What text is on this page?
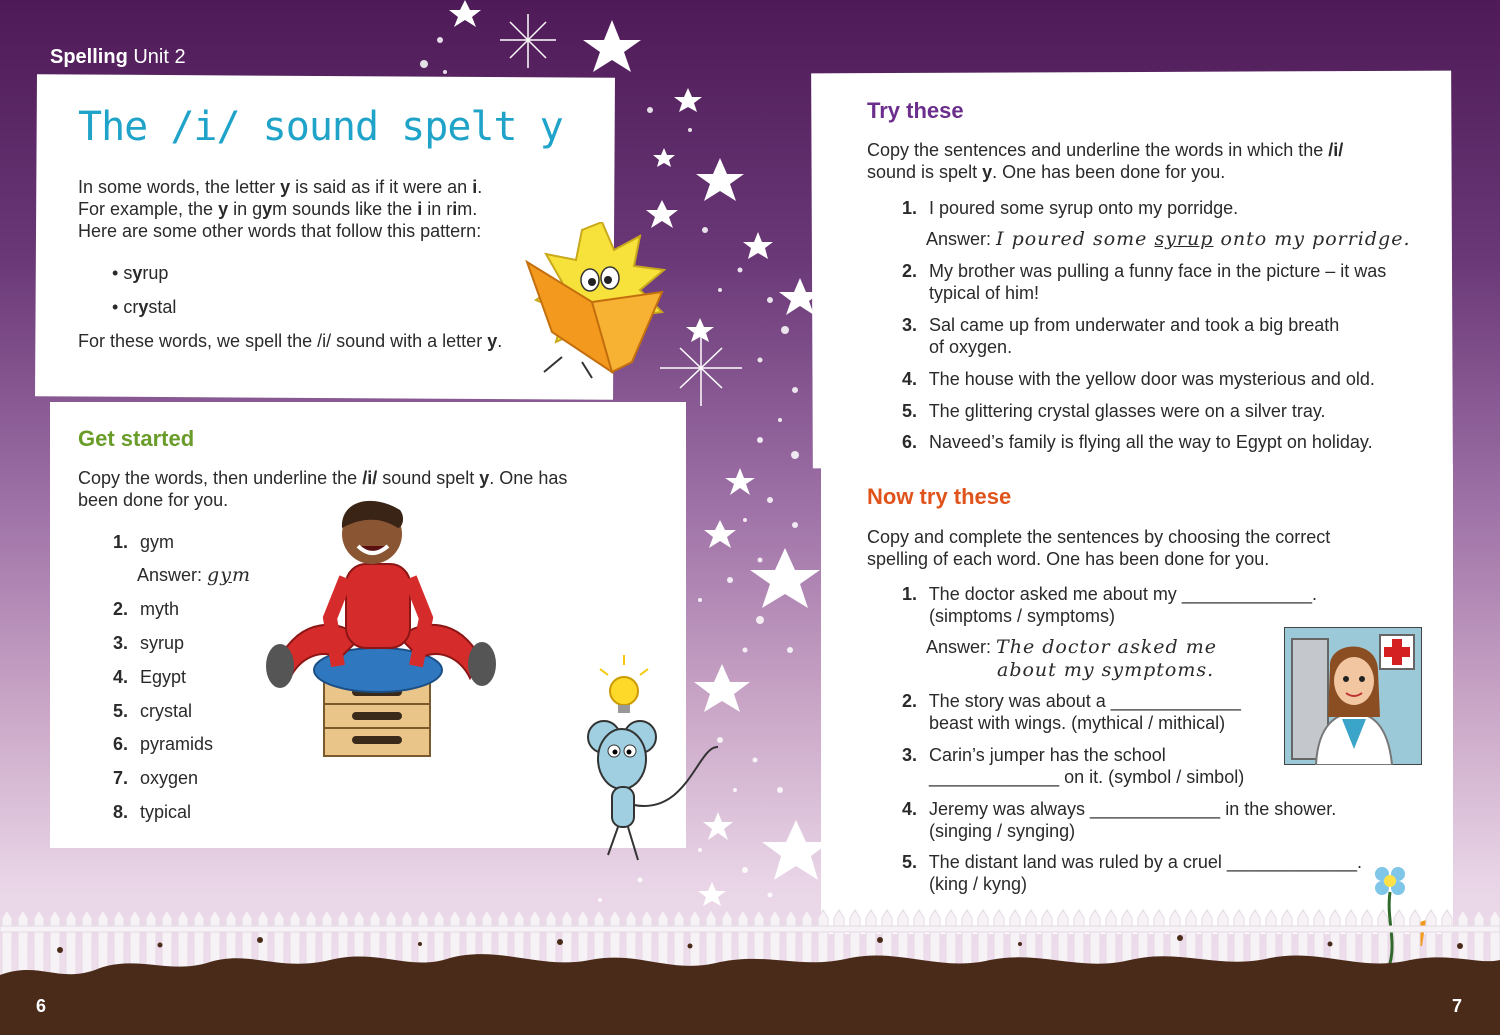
Spelling Unit 2
The /i/ sound spelt y
In some words, the letter y is said as if it were an i.
For example, the y in gym sounds like the i in rim.
Here are some other words that follow this pattern:
• syrup
• crystal
For these words, we spell the /i/ sound with a letter y.
Get started
Copy the words, then underline the /i/ sound spelt y. One has
been done for you.
1. gym
Answer: gym
2. myth
3. syrup
4. Egypt
5. crystal
6. pyramids
7. oxygen
8. typical
Try these
Copy the sentences and underline the words in which the /i/
sound is spelt y. One has been done for you.
1. I poured some syrup onto my porridge.
Answer: I poured some syrup onto my porridge.
2. My brother was pulling a funny face in the picture – it was
typical of him!
3. Sal came up from underwater and took a big breath
of oxygen.
4. The house with the yellow door was mysterious and old.
5. The glittering crystal glasses were on a silver tray.
6. Naveed’s family is flying all the way to Egypt on holiday.
Now try these
Copy and complete the sentences by choosing the correct
spelling of each word. One has been done for you.
1. The doctor asked me about my _____________.
(simptoms / symptoms)
Answer: The doctor asked me
about my symptoms.
2. The story was about a _____________
beast with wings. (mythical / mithical)
3. Carin’s jumper has the school
_____________ on it. (symbol / simbol)
4. Jeremy was always _____________ in the shower.
(singing / synging)
5. The distant land was ruled by a cruel _____________.
(king / kyng)
6	7
